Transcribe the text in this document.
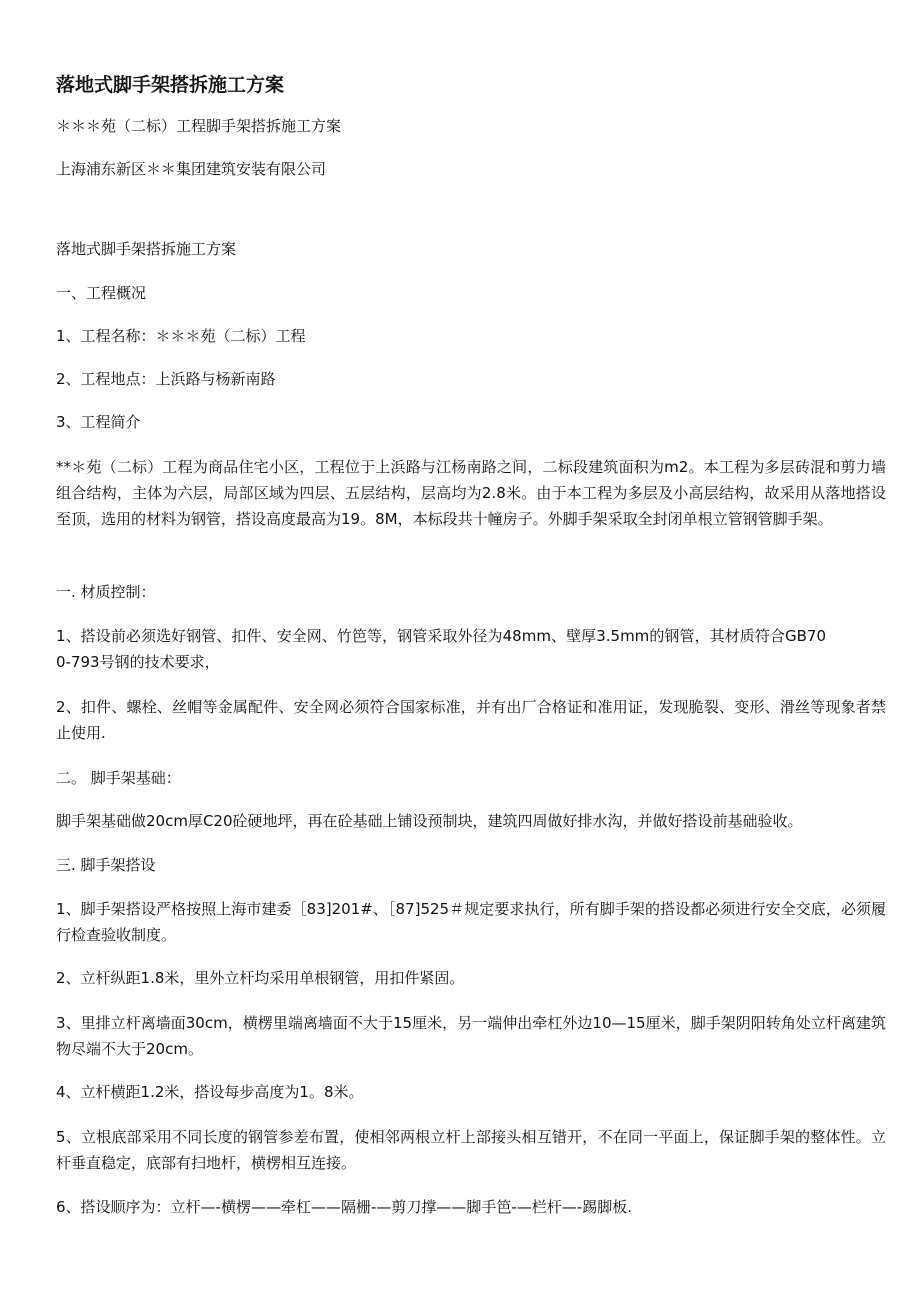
落地式脚手架搭拆施工方案
＊＊＊苑（二标）工程脚手架搭拆施工方案
上海浦东新区＊＊集团建筑安装有限公司
落地式脚手架搭拆施工方案
一、工程概况
1、工程名称：＊＊＊苑（二标）工程
2、工程地点：上浜路与杨新南路
3、工程简介
**＊苑（二标）工程为商品住宅小区，工程位于上浜路与江杨南路之间，二标段建筑面积为m2。本工程为多层砖混和剪力墙组合结构，主体为六层，局部区域为四层、五层结构，层高均为2.8米。由于本工程为多层及小高层结构，故采用从落地搭设至顶，选用的材料为钢管，搭设高度最高为19。8M，本标段共十幢房子。外脚手架采取全封闭单根立管钢管脚手架。
一. 材质控制：
1、搭设前必须选好钢管、扣件、安全网、竹笆等，钢管采取外径为48mm、壁厚3.5mm的钢管，其材质符合GB700-793号钢的技术要求，
2、扣件、螺栓、丝帽等金属配件、安全网必须符合国家标准，并有出厂合格证和准用证，发现脆裂、变形、滑丝等现象者禁止使用.
二。 脚手架基础：
脚手架基础做20cm厚C20砼硬地坪，再在砼基础上铺设预制块，建筑四周做好排水沟，并做好搭设前基础验收。
三. 脚手架搭设
1、脚手架搭设严格按照上海市建委［83]201#、［87]525＃规定要求执行，所有脚手架的搭设都必须进行安全交底，必须履行检查验收制度。
2、立杆纵距1.8米，里外立杆均采用单根钢管，用扣件紧固。
3、里排立杆离墙面30cm，横楞里端离墙面不大于15厘米，另一端伸出牵杠外边10—15厘米，脚手架阴阳转角处立杆离建筑物尽端不大于20cm。
4、立杆横距1.2米，搭设每步高度为1。8米。
5、立根底部采用不同长度的钢管参差布置，使相邻两根立杆上部接头相互错开，不在同一平面上，保证脚手架的整体性。立杆垂直稳定，底部有扫地杆，横楞相互连接。
6、搭设顺序为：立杆—-横楞——牵杠——隔栅-—剪刀撑——脚手笆-—栏杆—-踢脚板.
